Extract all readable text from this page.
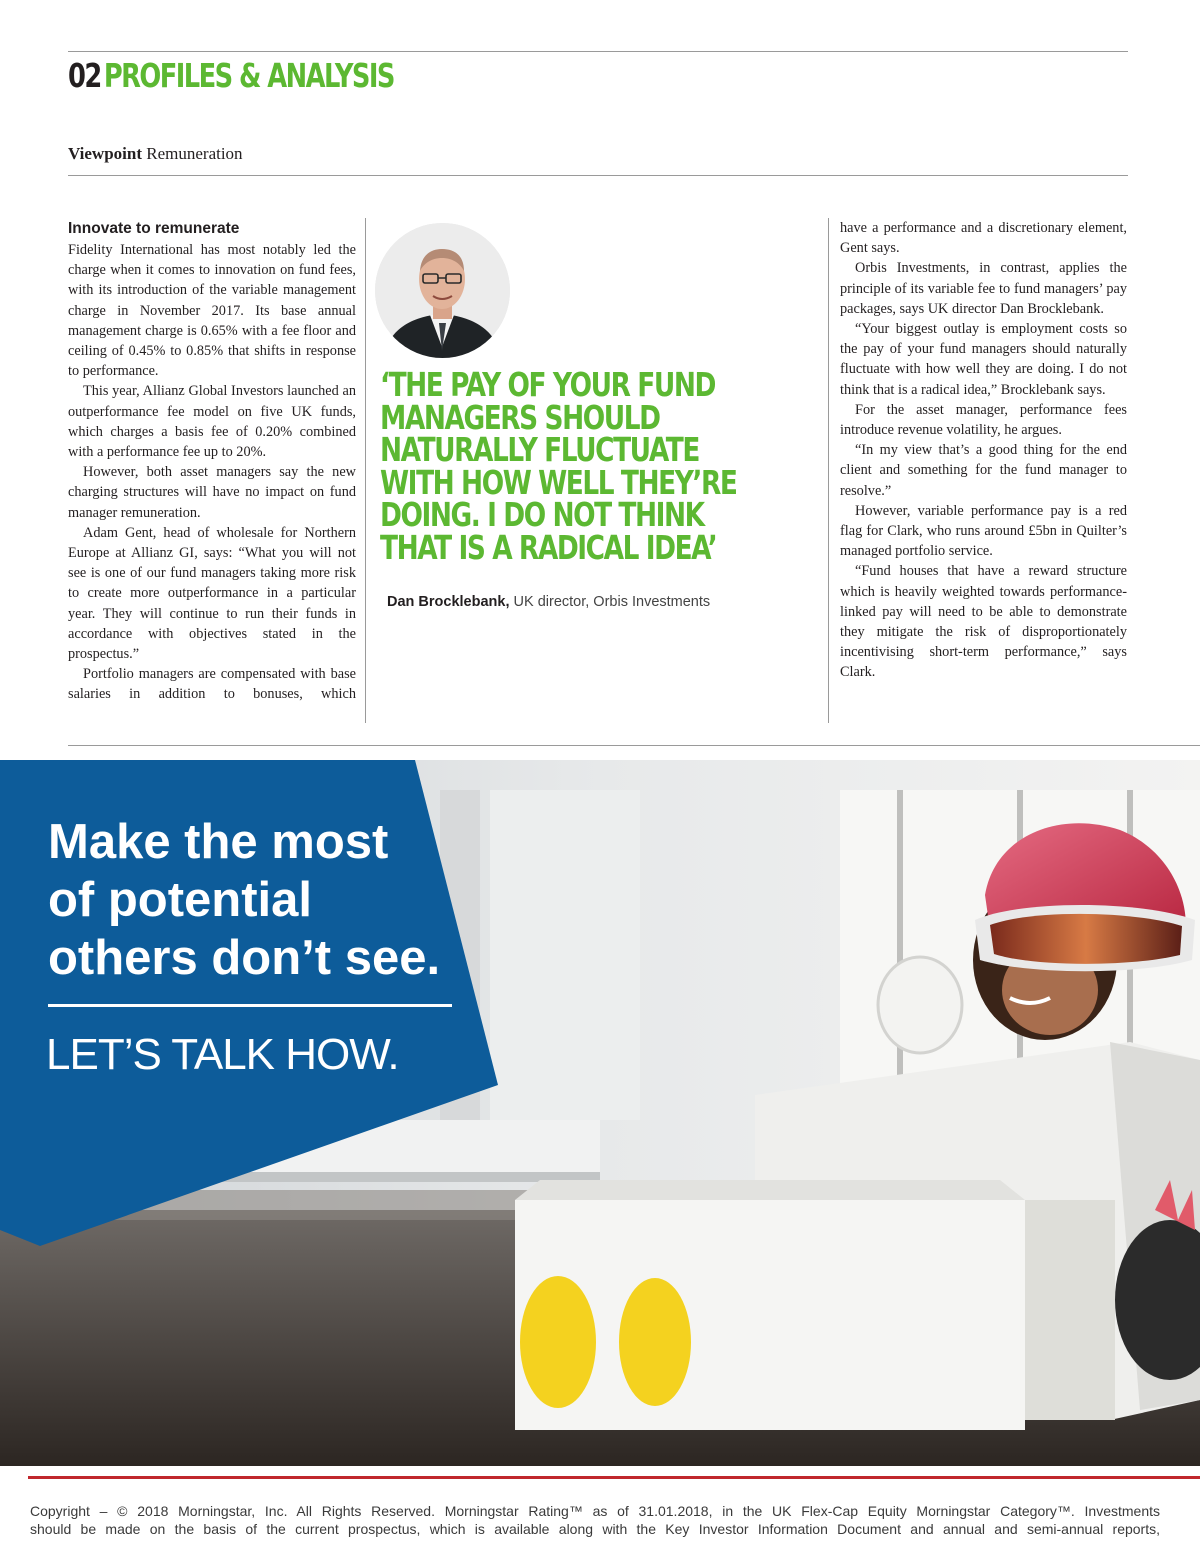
02PROFILES & ANALYSIS
Viewpoint Remuneration
Innovate to remunerate

Fidelity International has most notably led the charge when it comes to innovation on fund fees, with its introduction of the variable management charge in November 2017. Its base annual management charge is 0.65% with a fee floor and ceiling of 0.45% to 0.85% that shifts in response to performance.

This year, Allianz Global Investors launched an outperformance fee model on five UK funds, which charges a basis fee of 0.20% combined with a performance fee up to 20%.

However, both asset managers say the new charging structures will have no impact on fund manager remuneration.

Adam Gent, head of wholesale for Northern Europe at Allianz GI, says: “What you will not see is one of our fund managers taking more risk to create more outperformance in a particular year. They will continue to run their funds in accordance with objectives stated in the prospectus.”

Portfolio managers are compensated with base salaries in addition to bonuses, which

‘THE PAY OF YOUR FUND MANAGERS SHOULD NATURALLY FLUCTUATE WITH HOW WELL THEY’RE DOING. I DO NOT THINK THAT IS A RADICAL IDEA’
Dan Brocklebank, UK director, Orbis Investments

have a performance and a discretionary element, Gent says.

Orbis Investments, in contrast, applies the principle of its variable fee to fund managers’ pay packages, says UK director Dan Brocklebank.

“Your biggest outlay is employment costs so the pay of your fund managers should naturally fluctuate with how well they are doing. I do not think that is a radical idea,” Brocklebank says.

For the asset manager, performance fees introduce revenue volatility, he argues.

“In my view that’s a good thing for the end client and something for the fund manager to resolve.”

However, variable performance pay is a red flag for Clark, who runs around £5bn in Quilter’s managed portfolio service.

“Fund houses that have a reward structure which is heavily weighted towards performance-linked pay will need to be able to demonstrate they mitigate the risk of disproportionately incentivising short-term performance,” says Clark.

Make the most
of potential
others don’t see.
LET’S TALK HOW.
Copyright – © 2018 Morningstar, Inc. All Rights Reserved. Morningstar Rating™ as of 31.01.2018, in the UK Flex-Cap Equity Morningstar Category™. Investments
should be made on the basis of the current prospectus, which is available along with the Key Investor Information Document and annual and semi-annual reports,
